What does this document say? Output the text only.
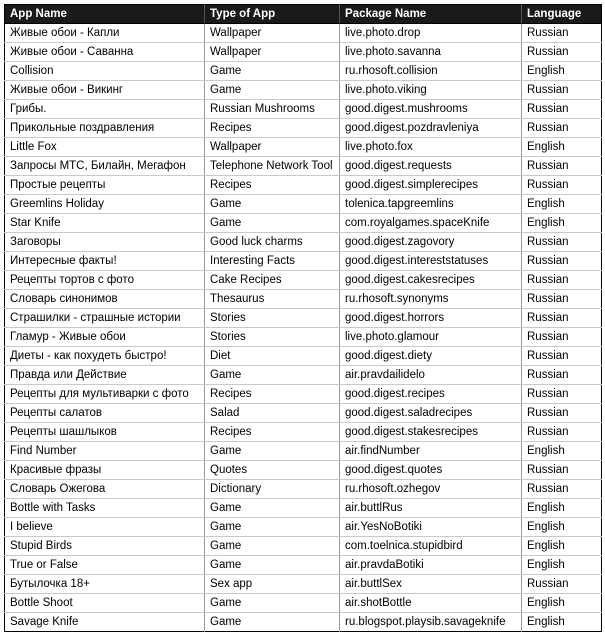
App Name	Type of App	Package Name	Language
Живые обои - Капли	Wallpaper	live.photo.drop	Russian
Живые обои - Саванна	Wallpaper	live.photo.savanna	Russian
Collision	Game	ru.rhosoft.collision	English
Живые обои - Викинг	Game	live.photo.viking	Russian
Грибы.	Russian Mushrooms	good.digest.mushrooms	Russian
Прикольные поздравления	Recipes	good.digest.pozdravleniya	Russian
Little Fox	Wallpaper	live.photo.fox	English
Запросы МТС, Билайн, Мегафон	Telephone Network Tool	good.digest.requests	Russian
Простые рецепты	Recipes	good.digest.simplerecipes	Russian
Greemlins Holiday	Game	tolenica.tapgreemlins	English
Star Knife	Game	com.royalgames.spaceKnife	English
Заговоры	Good luck charms	good.digest.zagovory	Russian
Интересные факты!	Interesting Facts	good.digest.intereststatuses	Russian
Рецепты тортов с фото	Cake Recipes	good.digest.cakesrecipes	Russian
Словарь синонимов	Thesaurus	ru.rhosoft.synonyms	Russian
Страшилки - страшные истории	Stories	good.digest.horrors	Russian
Гламур - Живые обои	Stories	live.photo.glamour	Russian
Диеты - как похудеть быстро!	Diet	good.digest.diety	Russian
Правда или Действие	Game	air.pravdailidelo	Russian
Рецепты для мультиварки с фото	Recipes	good.digest.recipes	Russian
Рецепты салатов	Salad	good.digest.saladrecipes	Russian
Рецепты шашлыков	Recipes	good.digest.stakesrecipes	Russian
Find Number	Game	air.findNumber	English
Красивые фразы	Quotes	good.digest.quotes	Russian
Словарь Ожегова	Dictionary	ru.rhosoft.ozhegov	Russian
Bottle with Tasks	Game	air.buttlRus	English
I believe	Game	air.YesNoBotiki	English
Stupid Birds	Game	com.toelnica.stupidbird	English
True or False	Game	air.pravdaBotiki	English
Бутылочка 18+	Sex app	air.buttlSex	Russian
Bottle Shoot	Game	air.shotBottle	English
Savage Knife	Game	ru.blogspot.playsib.savageknife	English
